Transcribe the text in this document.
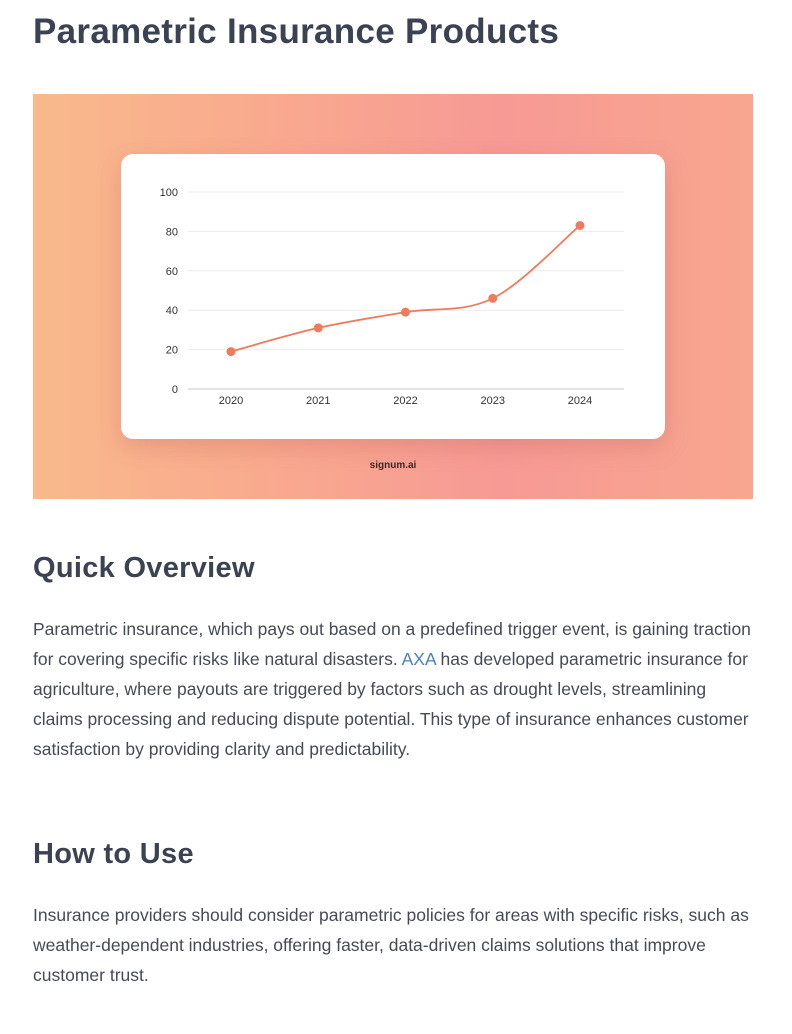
Parametric Insurance Products
0
20
40
60
80
100
2020	2021	2022	2023	2024
signum.ai
Quick Overview

Parametric insurance, which pays out based on a predefined trigger event, is gaining traction for covering specific risks like natural disasters. AXA has developed parametric insurance for agriculture, where payouts are triggered by factors such as drought levels, streamlining claims processing and reducing dispute potential. This type of insurance enhances customer satisfaction by providing clarity and predictability.

How to Use

Insurance providers should consider parametric policies for areas with specific risks, such as weather-dependent industries, offering faster, data-driven claims solutions that improve customer trust.
